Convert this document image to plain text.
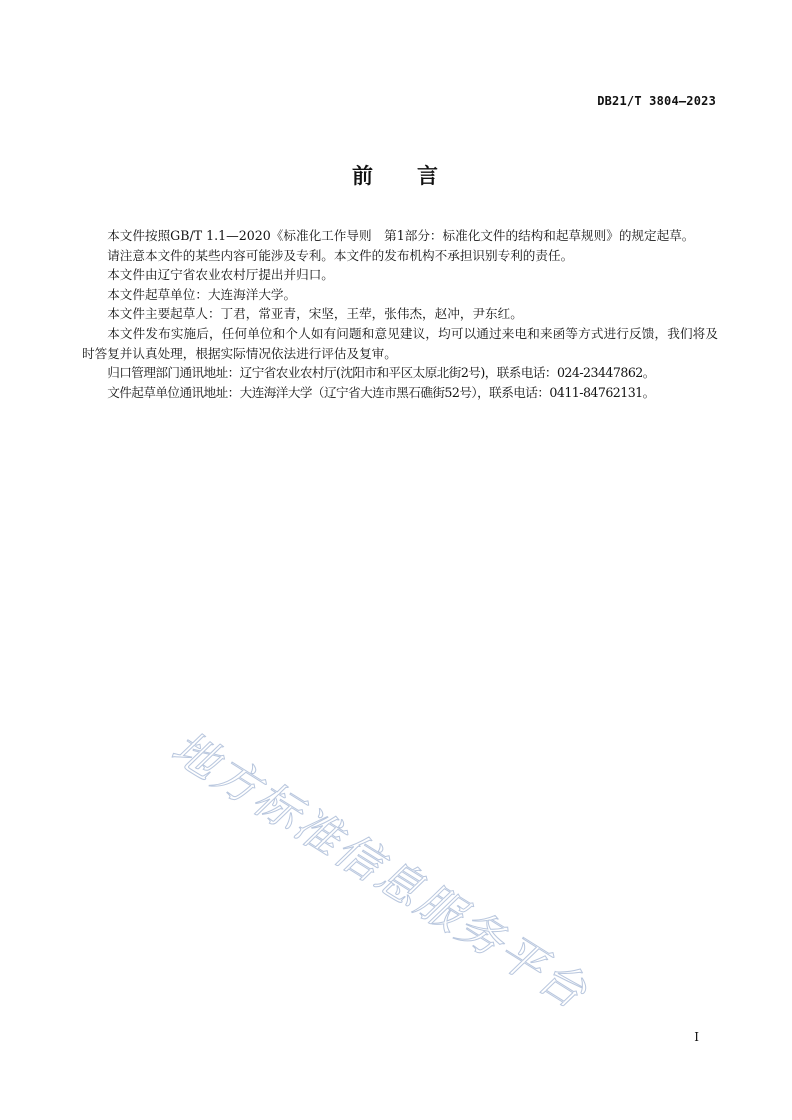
DB21/T 3804—2023
前 言

本文件按照GB/T 1.1—2020《标准化工作导则　第1部分：标准化文件的结构和起草规则》的规定起草。

请注意本文件的某些内容可能涉及专利。本文件的发布机构不承担识别专利的责任。

本文件由辽宁省农业农村厅提出并归口。

本文件起草单位：大连海洋大学。

本文件主要起草人：丁君，常亚青，宋坚，王荦，张伟杰，赵冲，尹东红。

本文件发布实施后，任何单位和个人如有问题和意见建议，均可以通过来电和来函等方式进行反馈，我们将及时答复并认真处理，根据实际情况依法进行评估及复审。

归口管理部门通讯地址：辽宁省农业农村厅(沈阳市和平区太原北街2号)，联系电话：024-23447862。

文件起草单位通讯地址：大连海洋大学（辽宁省大连市黑石礁街52号），联系电话：0411-84762131。

地方标准信息服务平台
I
